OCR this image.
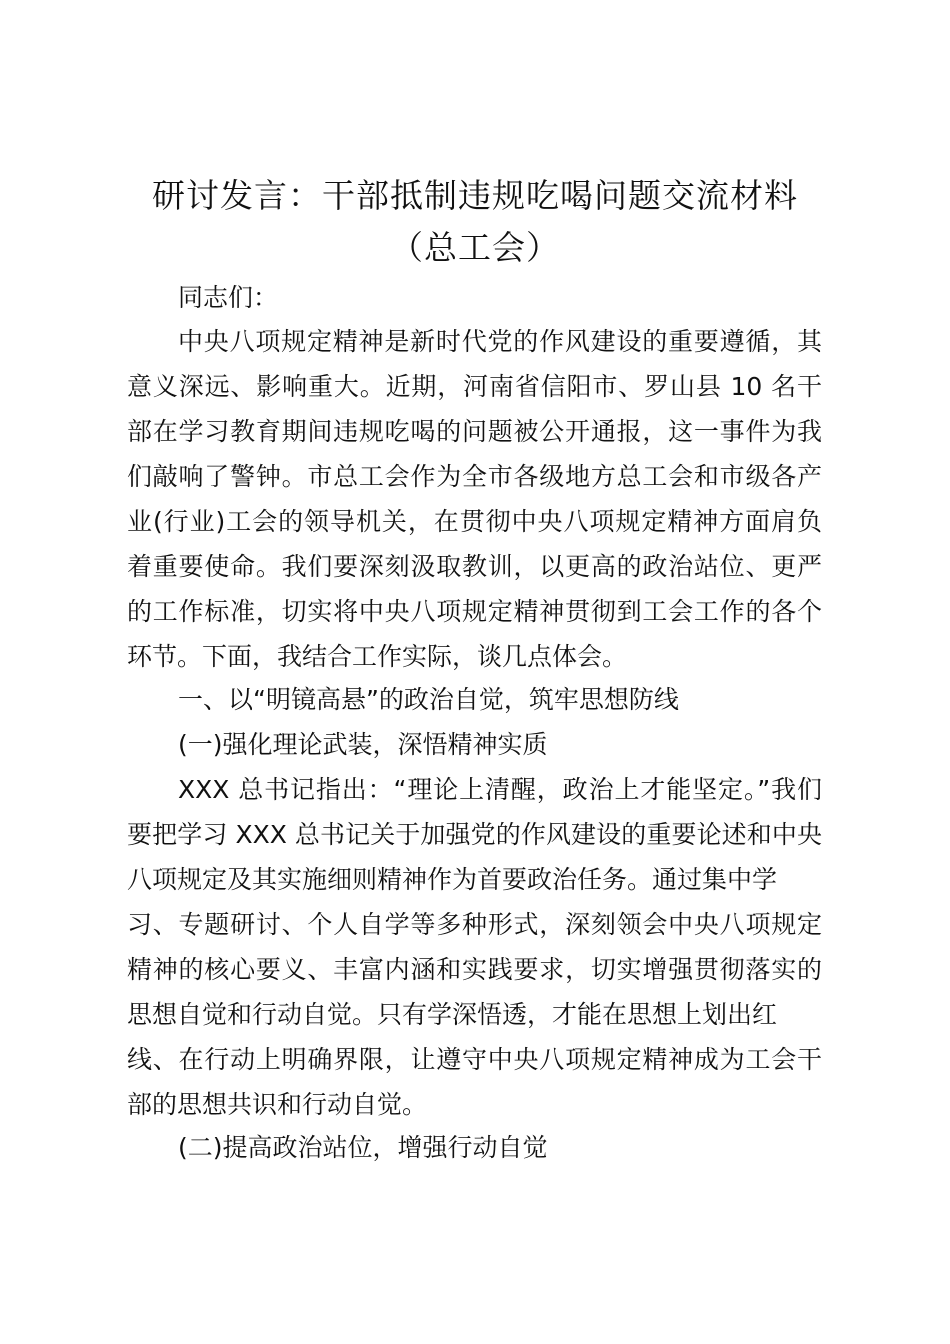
研讨发言：干部抵制违规吃喝问题交流材料
（总工会）
同志们：
中央八项规定精神是新时代党的作风建设的重要遵循，其
意义深远、影响重大。近期，河南省信阳市、罗山县 10 名干
部在学习教育期间违规吃喝的问题被公开通报，这一事件为我
们敲响了警钟。市总工会作为全市各级地方总工会和市级各产
业(行业)工会的领导机关，在贯彻中央八项规定精神方面肩负
着重要使命。我们要深刻汲取教训，以更高的政治站位、更严
的工作标准，切实将中央八项规定精神贯彻到工会工作的各个
环节。下面，我结合工作实际，谈几点体会。
一、以“明镜高悬”的政治自觉，筑牢思想防线
(一)强化理论武装，深悟精神实质
XXX 总书记指出：“理论上清醒，政治上才能坚定。”我们
要把学习 XXX 总书记关于加强党的作风建设的重要论述和中央
八项规定及其实施细则精神作为首要政治任务。通过集中学
习、专题研讨、个人自学等多种形式，深刻领会中央八项规定
精神的核心要义、丰富内涵和实践要求，切实增强贯彻落实的
思想自觉和行动自觉。只有学深悟透，才能在思想上划出红
线、在行动上明确界限，让遵守中央八项规定精神成为工会干
部的思想共识和行动自觉。
(二)提高政治站位，增强行动自觉
